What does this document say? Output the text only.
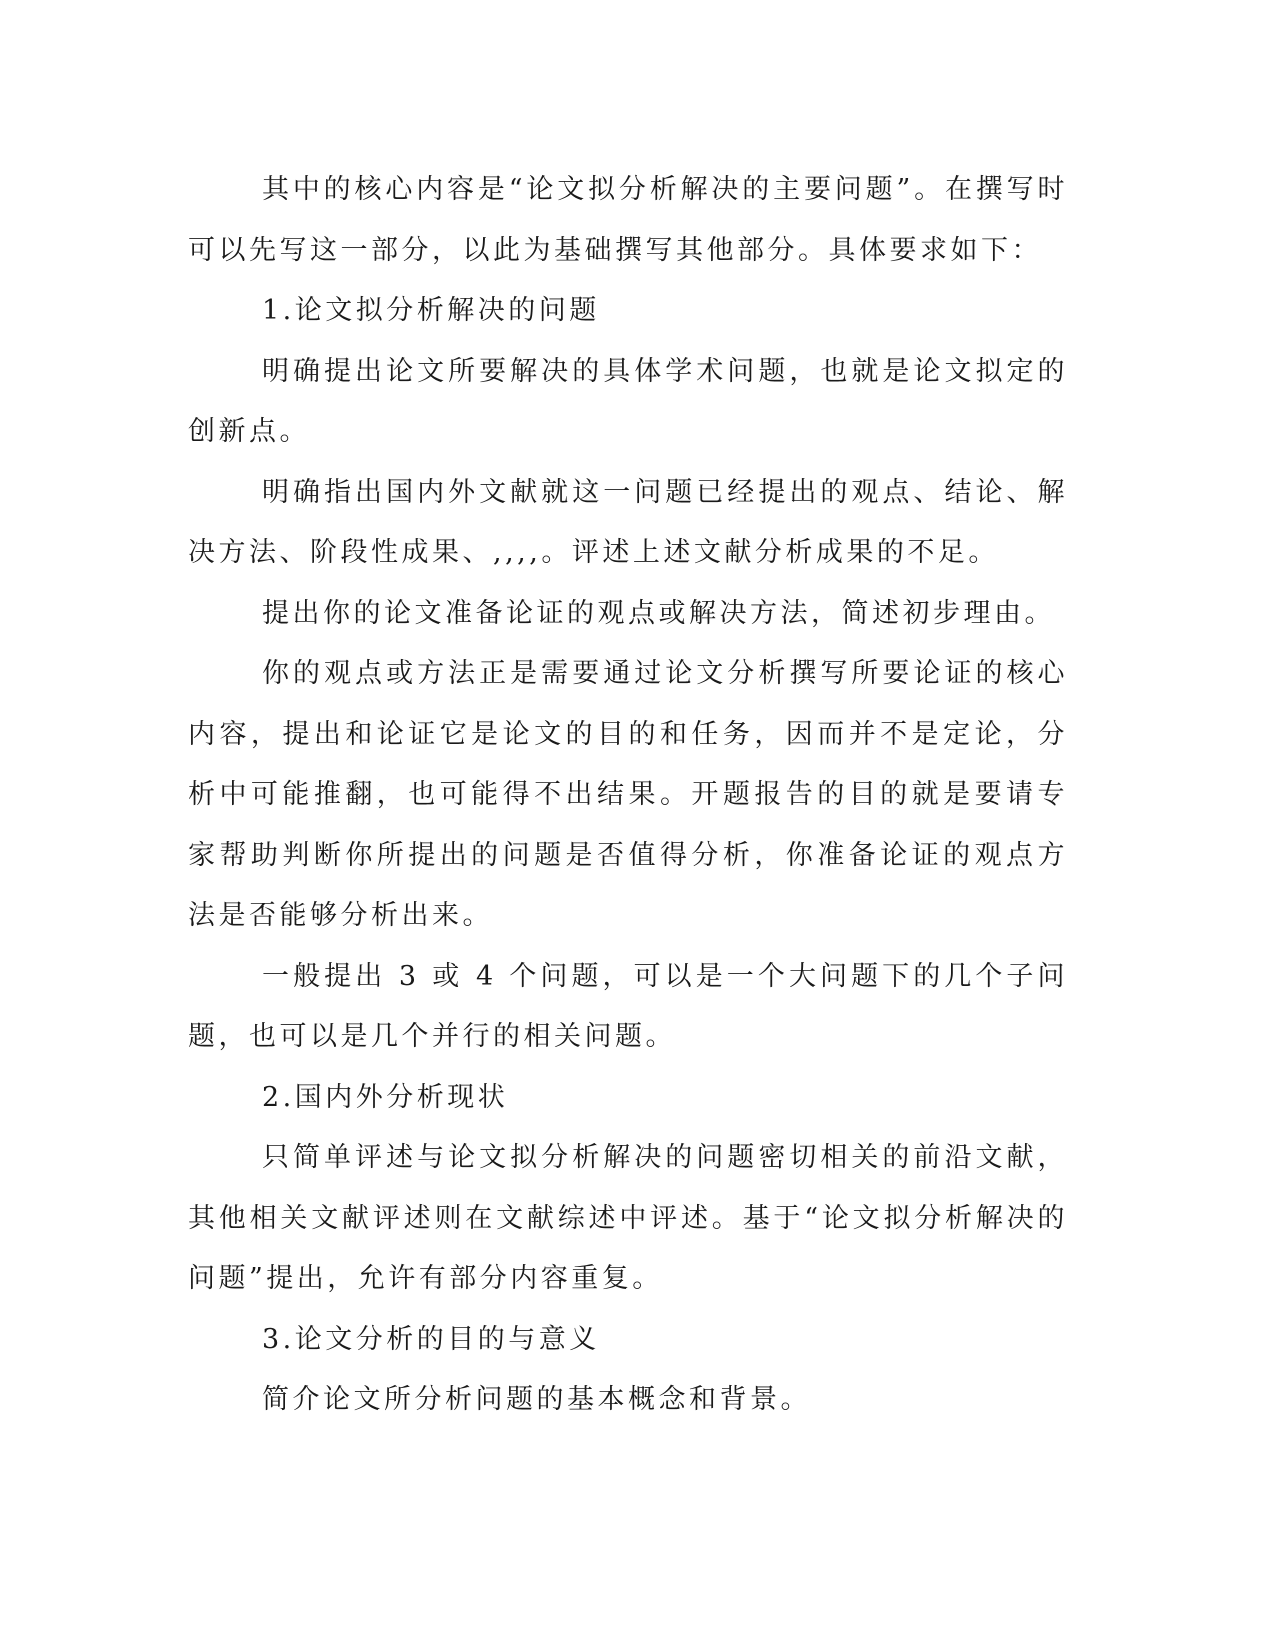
其中的核心内容是“论文拟分析解决的主要问题”。在撰写时可以先写这一部分，以此为基础撰写其他部分。具体要求如下：

1.论文拟分析解决的问题

明确提出论文所要解决的具体学术问题，也就是论文拟定的创新点。

明确指出国内外文献就这一问题已经提出的观点、结论、解决方法、阶段性成果、,,,,。评述上述文献分析成果的不足。

提出你的论文准备论证的观点或解决方法，简述初步理由。

你的观点或方法正是需要通过论文分析撰写所要论证的核心内容，提出和论证它是论文的目的和任务，因而并不是定论，分析中可能推翻，也可能得不出结果。开题报告的目的就是要请专家帮助判断你所提出的问题是否值得分析，你准备论证的观点方法是否能够分析出来。

一般提出 3 或 4 个问题，可以是一个大问题下的几个子问题，也可以是几个并行的相关问题。

2.国内外分析现状

只简单评述与论文拟分析解决的问题密切相关的前沿文献，其他相关文献评述则在文献综述中评述。基于“论文拟分析解决的问题”提出，允许有部分内容重复。

3.论文分析的目的与意义

简介论文所分析问题的基本概念和背景。
